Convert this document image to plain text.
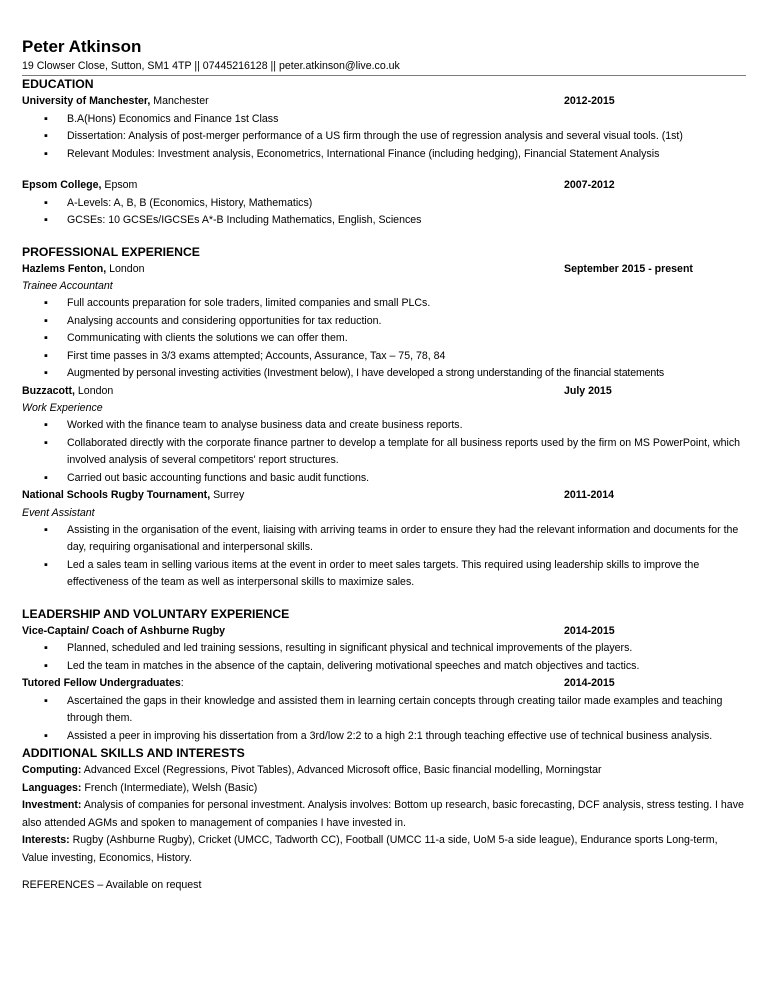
Peter Atkinson
19 Clowser Close, Sutton, SM1 4TP || 07445216128 || peter.atkinson@live.co.uk
EDUCATION
University of Manchester, Manchester	2012-2015
▪ B.A(Hons) Economics and Finance 1st Class
▪ Dissertation: Analysis of post-merger performance of a US firm through the use of regression analysis and several visual tools. (1st)
▪ Relevant Modules: Investment analysis, Econometrics, International Finance (including hedging), Financial Statement Analysis
Epsom College, Epsom	2007-2012
▪ A-Levels: A, B, B (Economics, History, Mathematics)
▪ GCSEs: 10 GCSEs/IGCSEs A*-B Including Mathematics, English, Sciences
PROFESSIONAL EXPERIENCE
Hazlems Fenton, London	September 2015 - present
Trainee Accountant
▪ Full accounts preparation for sole traders, limited companies and small PLCs.
▪ Analysing accounts and considering opportunities for tax reduction.
▪ Communicating with clients the solutions we can offer them.
▪ First time passes in 3/3 exams attempted; Accounts, Assurance, Tax – 75, 78, 84
▪ Augmented by personal investing activities (Investment below), I have developed a strong understanding of the financial statements
Buzzacott, London	July 2015
Work Experience
▪ Worked with the finance team to analyse business data and create business reports.
▪ Collaborated directly with the corporate finance partner to develop a template for all business reports used by the firm on MS PowerPoint, which involved analysis of several competitors' report structures.
▪ Carried out basic accounting functions and basic audit functions.
National Schools Rugby Tournament, Surrey	2011-2014
Event Assistant
▪ Assisting in the organisation of the event, liaising with arriving teams in order to ensure they had the relevant information and documents for the day, requiring organisational and interpersonal skills.
▪ Led a sales team in selling various items at the event in order to meet sales targets. This required using leadership skills to improve the effectiveness of the team as well as interpersonal skills to maximize sales.
LEADERSHIP AND VOLUNTARY EXPERIENCE
Vice-Captain/ Coach of Ashburne Rugby	2014-2015
▪ Planned, scheduled and led training sessions, resulting in significant physical and technical improvements of the players.
▪ Led the team in matches in the absence of the captain, delivering motivational speeches and match objectives and tactics.
Tutored Fellow Undergraduates:	2014-2015
▪ Ascertained the gaps in their knowledge and assisted them in learning certain concepts through creating tailor made examples and teaching through them.
▪ Assisted a peer in improving his dissertation from a 3rd/low 2:2 to a high 2:1 through teaching effective use of technical business analysis.
ADDITIONAL SKILLS AND INTERESTS
Computing: Advanced Excel (Regressions, Pivot Tables), Advanced Microsoft office, Basic financial modelling, Morningstar
Languages: French (Intermediate), Welsh (Basic)
Investment: Analysis of companies for personal investment. Analysis involves: Bottom up research, basic forecasting, DCF analysis, stress testing. I have also attended AGMs and spoken to management of companies I have invested in.
Interests: Rugby (Ashburne Rugby), Cricket (UMCC, Tadworth CC), Football (UMCC 11-a side, UoM 5-a side league), Endurance sports Long-term, Value investing, Economics, History.
REFERENCES – Available on request
